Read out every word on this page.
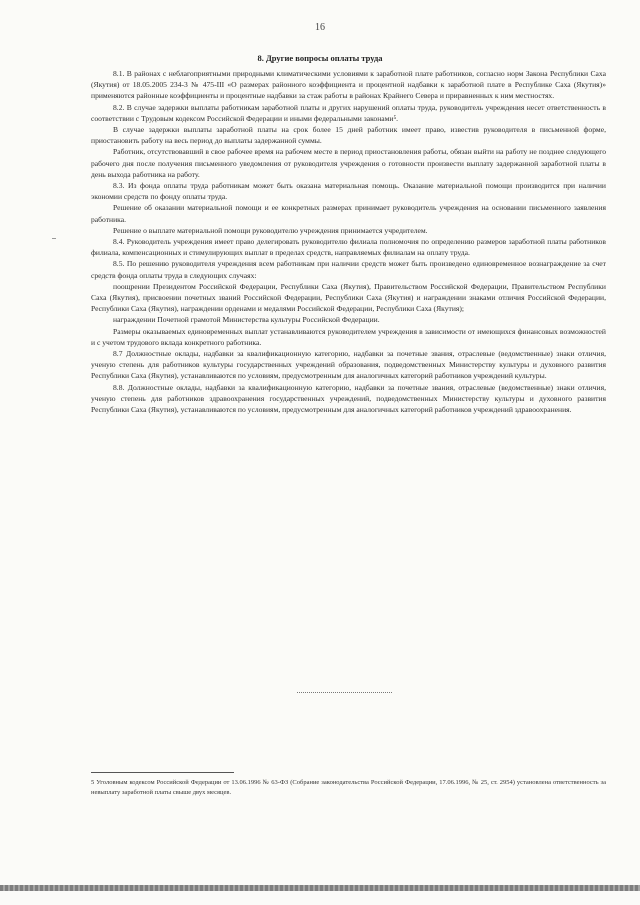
16
8. Другие вопросы оплаты труда

8.1. В районах с неблагоприятными природными климатическими условиями к заработной плате работников, согласно норм Закона Республики Саха (Якутия) от 18.05.2005 234-3 № 475-III «О размерах районного коэффициента и процентной надбавки к заработной плате в Республике Саха (Якутия)» применяются районные коэффициенты и процентные надбавки за стаж работы в районах Крайнего Севера и приравненных к ним местностях.

8.2. В случае задержки выплаты работникам заработной платы и других нарушений оплаты труда, руководитель учреждения несет ответственность в соответствии с Трудовым кодексом Российской Федерации и иными федеральными законами⁵.

В случае задержки выплаты заработной платы на срок более 15 дней работник имеет право, известив руководителя в письменной форме, приостановить работу на весь период до выплаты задержанной суммы.

Работник, отсутствовавший в свое рабочее время на рабочем месте в период приостановления работы, обязан выйти на работу не позднее следующего рабочего дня после получения письменного уведомления от руководителя учреждения о готовности произвести выплату задержанной заработной платы в день выхода работника на работу.

8.3. Из фонда оплаты труда работникам может быть оказана материальная помощь. Оказание материальной помощи производится при наличии экономии средств по фонду оплаты труда.

Решение об оказании материальной помощи и ее конкретных размерах принимает руководитель учреждения на основании письменного заявления работника.

Решение о выплате материальной помощи руководителю учреждения принимается учредителем.

8.4. Руководитель учреждения имеет право делегировать руководителю филиала полномочия по определению размеров заработной платы работников филиала, компенсационных и стимулирующих выплат в пределах средств, направляемых филиалам на оплату труда.

8.5. По решению руководителя учреждения всем работникам при наличии средств может быть произведено единовременное вознаграждение за счет средств фонда оплаты труда в следующих случаях:

поощрении Президентом Российской Федерации, Республики Саха (Якутия), Правительством Российской Федерации, Правительством Республики Саха (Якутия), присвоении почетных званий Российской Федерации, Республики Саха (Якутия) и награждении знаками отличия Российской Федерации, Республики Саха (Якутия), награждении орденами и медалями Российской Федерации, Республики Саха (Якутия);

награждении Почетной грамотой Министерства культуры Российской Федерации.

Размеры оказываемых единовременных выплат устанавливаются руководителем учреждения в зависимости от имеющихся финансовых возможностей и с учетом трудового вклада конкретного работника.

8.7 Должностные оклады, надбавки за квалификационную категорию, надбавки за почетные звания, отраслевые (ведомственные) знаки отличия, ученую степень для работников культуры государственных учреждений образования, подведомственных Министерству культуры и духовного развития Республики Саха (Якутия), устанавливаются по условиям, предусмотренным для аналогичных категорий работников учреждений культуры.

8.8. Должностные оклады, надбавки за квалификационную категорию, надбавки за почетные звания, отраслевые (ведомственные) знаки отличия, ученую степень для работников здравоохранения государственных учреждений, подведомственных Министерству культуры и духовного развития Республики Саха (Якутия), устанавливаются по условиям, предусмотренным для аналогичных категорий работников учреждений здравоохранения.

5 Уголовным кодексом Российской Федерации от 13.06.1996 № 63-ФЗ (Собрание законодательства Российской Федерации, 17.06.1996, № 25, ст. 2954) установлена ответственность за невыплату заработной платы свыше двух месяцев.
